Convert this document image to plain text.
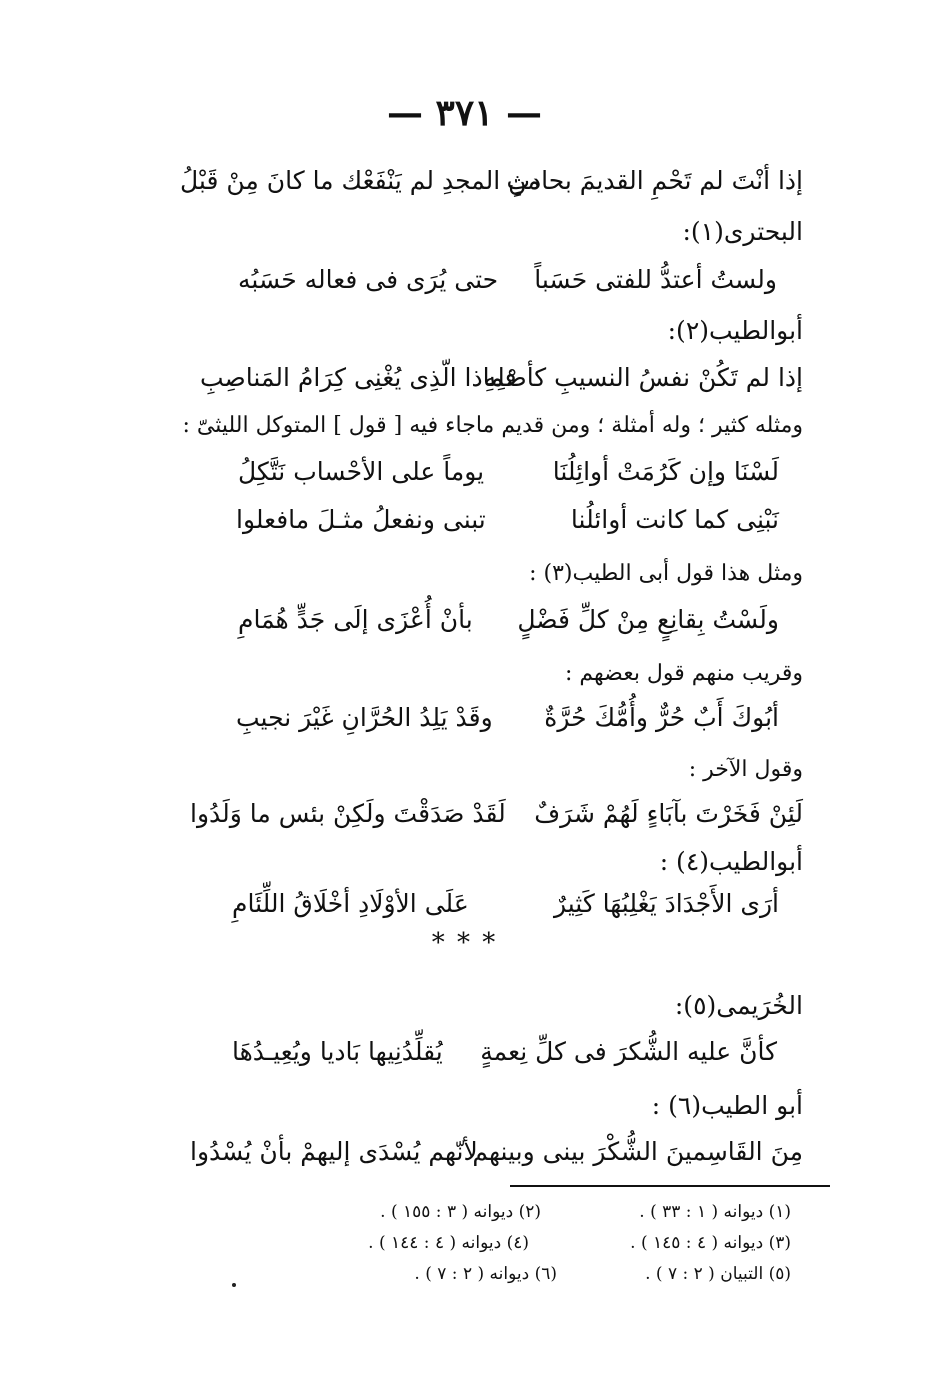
— ٣٧١ —
إذا أنْتَ لم تَحْمِ القديمَ بحادثٍ
من المجدِ لم يَنْفَعْك ما كانَ مِنْ قَبْلُ
البحترى(١):
ولستُ أعتدُّ للفتى حَسَباً
حتى يُرَى فى فعاله حَسَبُه
أبوالطيب(٢):
إذا لم تَكُنْ نفسُ النسيبِ كأصْلِهِ
فماذا الّذِى يُغْنِى كِرَامُ المَناصِبِ
ومثله كثير ؛ وله أمثلة ؛ ومن قديم ماجاء فيه [ قول ] المتوكل الليثىّ :
لَسْنَا وإن كَرُمَتْ أوائِلُنَا
يوماً على الأحْساب نَتَّكِلُ
نَبْنِى كما كانت أوائلُنا
تبنى ونفعلُ مثـلَ مافعلوا
ومثل هذا قول أبى الطيب(٣) :
ولَسْتُ بِقانِعٍ مِنْ كلِّ فَضْلٍ
بأنْ أُعْزَى إلَى جَدٍّ هُمَامِ
وقريب منهم قول بعضهم :
أبُوكَ أَبٌ حُرٌّ وأُمُّكَ حُرَّةٌ
وقَدْ يَلِدُ الحُرَّانِ غَيْرَ نجيبِ
وقول الآخر :
لَئِنْ فَخَرْتَ بآبَاءٍ لَهُمْ شَرَفٌ
لَقَدْ صَدَقْتَ ولَكِنْ بئس ما وَلَدُوا
أبوالطيب(٤) :
أرَى الأَجْدَادَ يَغْلِبُهَا كَثِيرٌ
عَلَى الأوْلَادِ أخْلَاقُ اللِّئَامِ
* * *
الخُرَيمى(٥):
كأنَّ عليه الشُّكرَ فى كلِّ نِعمةٍ
يُقلِّدُنِيها بَاديا ويُعِيـدُهَا
أبو الطيب(٦) :
مِنَ القَاسِمينَ الشُّكْرَ بينى وبينهم
لأنّهم يُسْدَى إليهمْ بأنْ يُسْدُوا
(١) ديوانه ( ١ : ٣٣ ) .
(٢) ديوانه ( ٣ : ١٥٥ ) .
(٣) ديوانه ( ٤ : ١٤٥ ) .
(٤) ديوانه ( ٤ : ١٤٤ ) .
(٥) التبيان ( ٢ : ٧ ) .
(٦) ديوانه ( ٢ : ٧ ) .
